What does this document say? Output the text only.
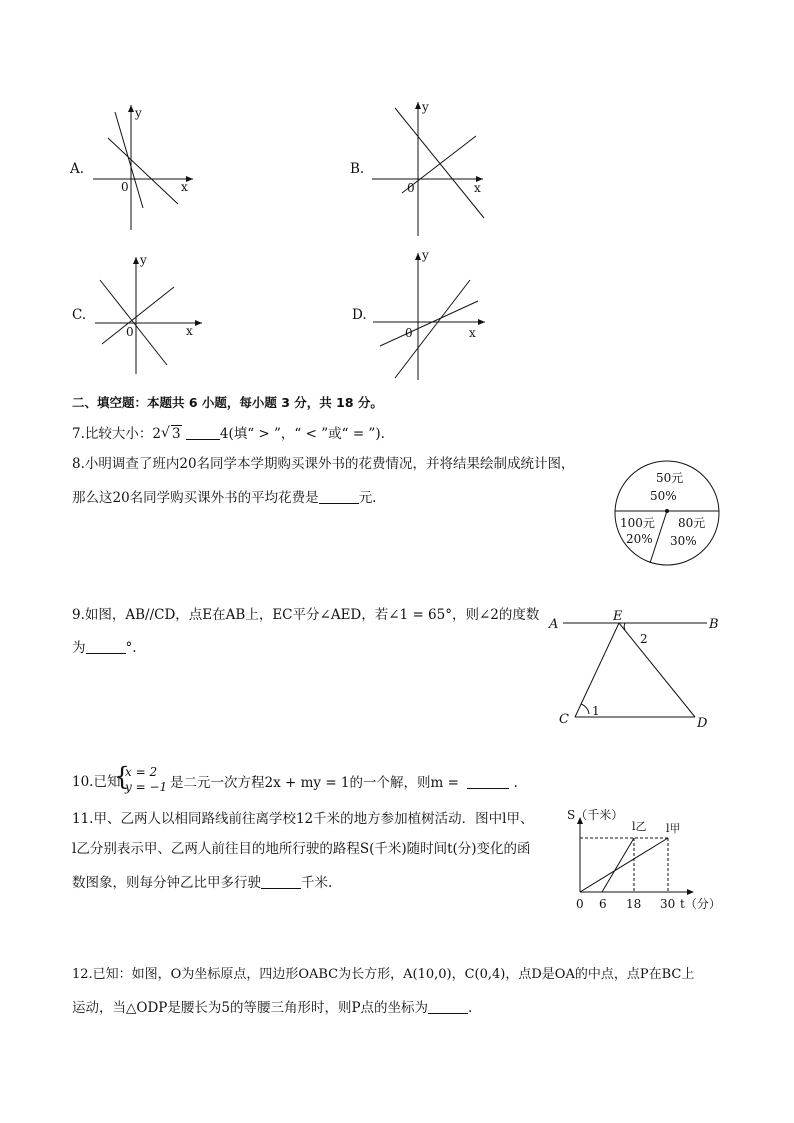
A.
x
y
0
B.
x
y
0
C.
x
y
0
D.
x
y
0
二、填空题：本题共 6 小题，每小题 3 分，共 18 分。
7.比较大小：2 √ 3	4(填“ > ”，“ < ”或“ = ”).
8.小明调查了班内20名同学本学期购买课外书的花费情况，并将结果绘制成统计图，
那么这20名同学购买课外书的平均花费是	元.
50元
50%
100元
20%
80元
30%
9.如图，AB//CD，点E在AB上，EC平分∠AED，若∠1 = 65°，则∠2的度数
为	°.
A	B
E
C	D
1
2
10.已知
{
x = 2
y = −1 是二元一次方程2x + my = 1的一个解，则m =	.
11.甲、乙两人以相同路线前往离学校12千米的地方参加植树活动．图中l甲、
l乙分别表示甲、乙两人前往目的地所行驶的路程S(千米)随时间t(分)变化的函
数图象，则每分钟乙比甲多行驶	千米.
S（千米）
t（分）
l乙 l甲
0 6 18 30
12.已知：如图，O为坐标原点，四边形OABC为长方形，A(10,0)，C(0,4)，点D是OA的中点，点P在BC上
运动，当△ODP是腰长为5的等腰三角形时，则P点的坐标为	.
